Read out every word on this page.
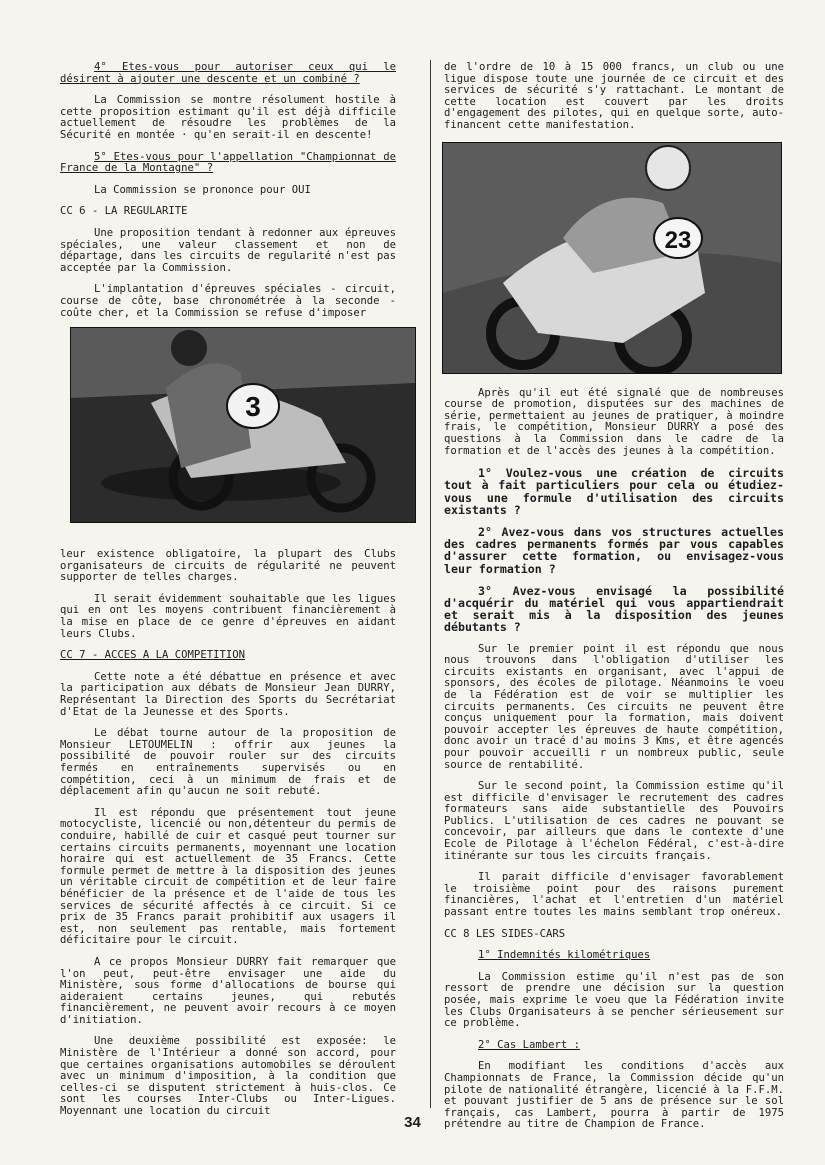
4° Etes-vous pour autoriser ceux qui le désirent à ajouter une descente et un combiné ?

La Commission se montre résolument hostile à cette proposition estimant qu'il est déjà difficile actuellement de résoudre les problèmes de la Sécurité en montée · qu'en serait-il en descente!

5° Etes-vous pour l'appellation "Championnat de France de la Montagne" ?

La Commission se prononce pour OUI

CC 6 - LA REGULARITE

Une proposition tendant à redonner aux épreuves spéciales, une valeur classement et non de départage, dans les circuits de regularité n'est pas acceptée par la Commission.

L'implantation d'épreuves spéciales - circuit, course de côte, base chronométrée à la seconde - coûte cher, et la Commission se refuse d'imposer

3

leur existence obligatoire, la plupart des Clubs organisateurs de circuits de régularité ne peuvent supporter de telles charges.

Il serait évidemment souhaitable que les ligues qui en ont les moyens contribuent financièrement à la mise en place de ce genre d'épreuves en aidant leurs Clubs.

CC 7 - ACCES A LA COMPETITION

Cette note a été débattue en présence et avec la participation aux débats de Monsieur Jean DURRY, Représentant la Direction des Sports du Secrétariat d'Etat de la Jeunesse et des Sports.

Le débat tourne autour de la proposition de Monsieur LETOUMELIN : offrir aux jeunes la possibilité de pouvoir rouler sur des circuits fermés en entraînements supervisés ou en compétition, ceci à un minimum de frais et de déplacement afin qu'aucun ne soit rebuté.

Il est répondu que présentement tout jeune motocycliste, licencié ou non,détenteur du permis de conduire, habillé de cuir et casqué peut tourner sur certains circuits permanents, moyennant une location horaire qui est actuellement de 35 Francs. Cette formule permet de mettre à la disposition des jeunes un véritable circuit de compétition et de leur faire bénéficier de la présence et de l'aide de tous les services de sécurité affectés à ce circuit. Si ce prix de 35 Francs parait prohibitif aux usagers il est, non seulement pas rentable, mais fortement déficitaire pour le circuit.

A ce propos Monsieur DURRY fait remarquer que l'on peut, peut-être envisager une aide du Ministère, sous forme d'allocations de bourse qui aideraient certains jeunes, qui rebutés financièrement, ne peuvent avoir recours à ce moyen d'initiation.

Une deuxième possibilité est exposée: le Ministère de l'Intérieur a donné son accord, pour que certaines organisations automobiles se déroulent avec un minimum d'imposition, à la condition que celles-ci se disputent strictement à huis-clos. Ce sont les courses Inter-Clubs ou Inter-Ligues. Moyennant une location du circuit

de l'ordre de 10 à 15 000 francs, un club ou une ligue dispose toute une journée de ce circuit et des services de sécurité s'y rattachant. Le montant de cette location est couvert par les droits d'engagement des pilotes, qui en quelque sorte, auto-financent cette manifestation.

23

Après qu'il eut été signalé que de nombreuses course de promotion, disputées sur des machines de série, permettaient au jeunes de pratiquer, à moindre frais, le compétition, Monsieur DURRY a posé des questions à la Commission dans le cadre de la formation et de l'accès des jeunes à la compétition.

1° Voulez-vous une création de circuits tout à fait particuliers pour cela ou étudiez-vous une formule d'utilisation des circuits existants ?

2° Avez-vous dans vos structures actuelles des cadres permanents formés par vous capables d'assurer cette formation, ou envisagez-vous leur formation ?

3° Avez-vous envisagé la possibilité d'acquérir du matériel qui vous appartiendrait et serait mis à la disposition des jeunes débutants ?

Sur le premier point il est répondu que nous nous trouvons dans l'obligation d'utiliser les circuits existants en organisant, avec l'appui de sponsors, des écoles de pilotage. Néanmoins le voeu de la Fédération est de voir se multiplier les circuits permanents. Ces circuits ne peuvent être conçus uniquement pour la formation, mais doivent pouvoir accepter les épreuves de haute compétition, donc avoir un tracé d'au moins 3 Kms, et être agencés pour pouvoir accueilli r un nombreux public, seule source de rentabilité.

Sur le second point, la Commission estime qu'il est difficile d'envisager le recrutement des cadres formateurs sans aide substantielle des Pouvoirs Publics. L'utilisation de ces cadres ne pouvant se concevoir, par ailleurs que dans le contexte d'une Ecole de Pilotage à l'échelon Fédéral, c'est-à-dire itinérante sur tous les circuits français.

Il parait difficile d'envisager favorablement le troisième point pour des raisons purement financières, l'achat et l'entretien d'un matériel passant entre toutes les mains semblant trop onéreux.

CC 8 LES SIDES-CARS

1° Indemnités kilométriques

La Commission estime qu'il n'est pas de son ressort de prendre une décision sur la question posée, mais exprime le voeu que la Fédération invite les Clubs Organisateurs à se pencher sérieusement sur ce problème.

2° Cas Lambert :

En modifiant les conditions d'accès aux Championnats de France, la Commission décide qu'un pilote de nationalité étrangère, licencié à la F.F.M. et pouvant justifier de 5 ans de présence sur le sol français, cas Lambert, pourra à partir de 1975 prétendre au titre de Champion de France.

34
